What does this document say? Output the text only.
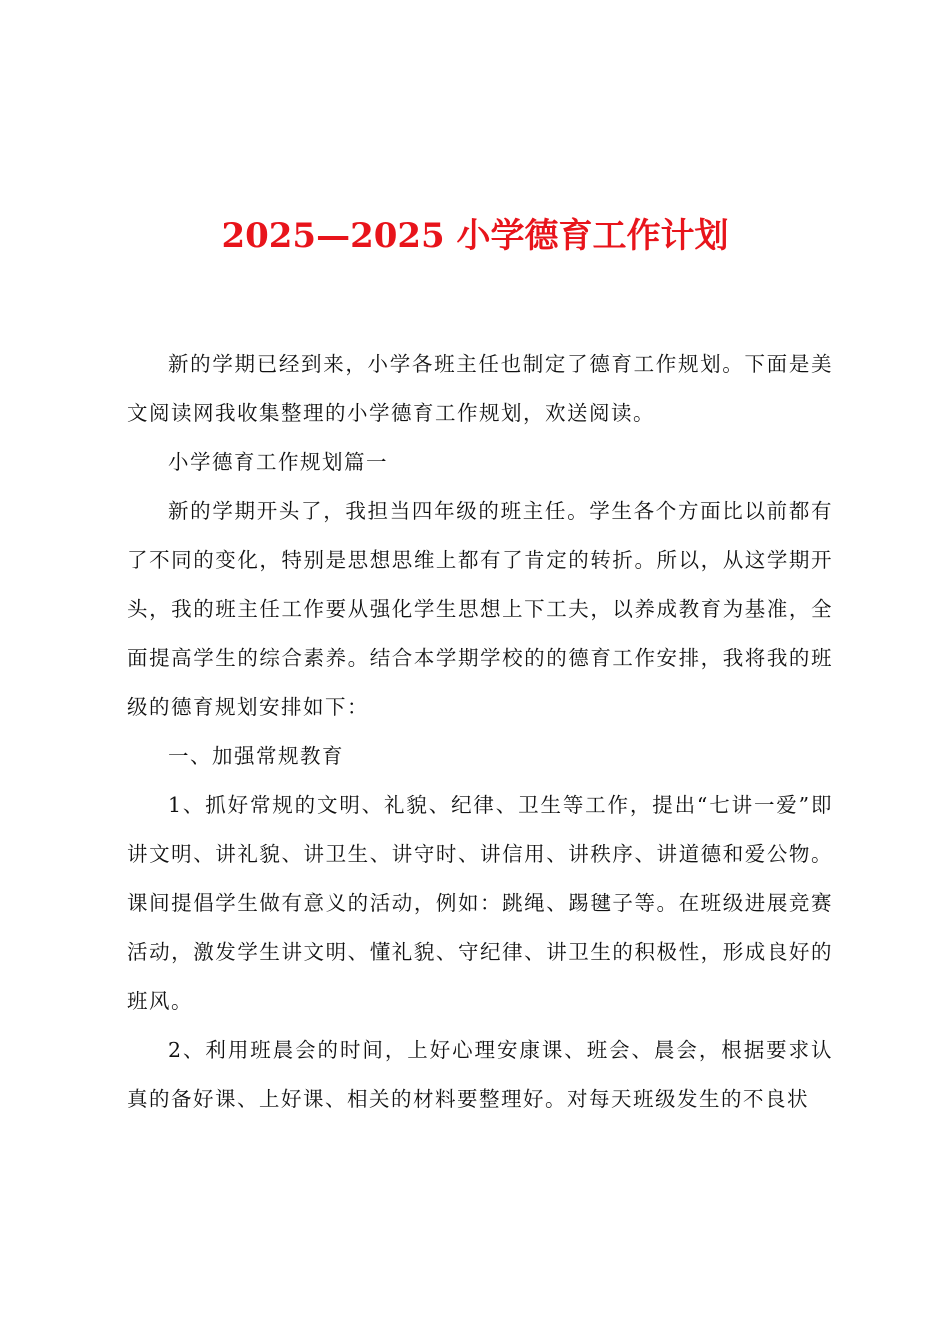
2025—2025 小学德育工作计划

新的学期已经到来，小学各班主任也制定了德育工作规划。下面是美文阅读网我收集整理的小学德育工作规划，欢送阅读。

小学德育工作规划篇一

新的学期开头了，我担当四年级的班主任。学生各个方面比以前都有了不同的变化，特别是思想思维上都有了肯定的转折。所以，从这学期开头，我的班主任工作要从强化学生思想上下工夫，以养成教育为基准，全面提高学生的综合素养。结合本学期学校的的德育工作安排，我将我的班级的德育规划安排如下：

一、加强常规教育

1、抓好常规的文明、礼貌、纪律、卫生等工作，提出“七讲一爱”即讲文明、讲礼貌、讲卫生、讲守时、讲信用、讲秩序、讲道德和爱公物。课间提倡学生做有意义的活动，例如：跳绳、踢毽子等。在班级进展竞赛活动，激发学生讲文明、懂礼貌、守纪律、讲卫生的积极性，形成良好的班风。

2、利用班晨会的时间，上好心理安康课、班会、晨会，根据要求认真的备好课、上好课、相关的材料要整理好。对每天班级发生的不良状
